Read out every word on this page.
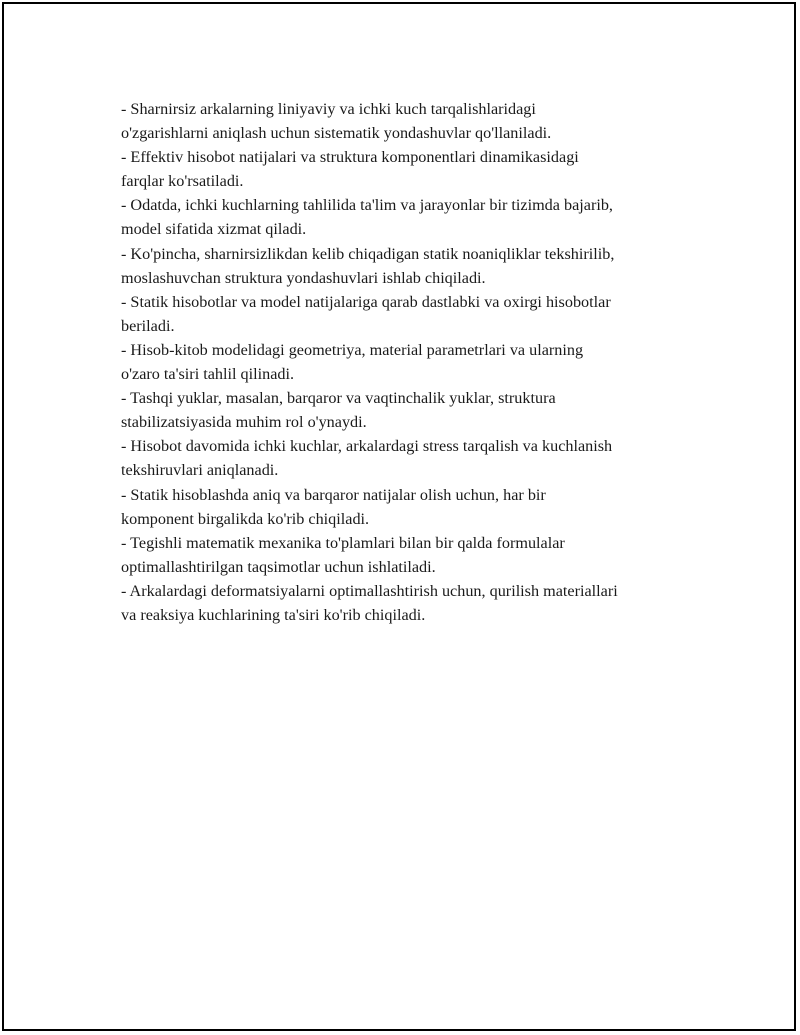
- Sharnirsiz arkalarning liniyaviy va ichki kuch tarqalishlaridagi
o'zgarishlarni aniqlash uchun sistematik yondashuvlar qo'llaniladi.
- Effektiv hisobot natijalari va struktura komponentlari dinamikasidagi
farqlar ko'rsatiladi.
- Odatda, ichki kuchlarning tahlilida ta'lim va jarayonlar bir tizimda bajarib,
model sifatida xizmat qiladi.
- Ko'pincha, sharnirsizlikdan kelib chiqadigan statik noaniqliklar tekshirilib,
moslashuvchan struktura yondashuvlari ishlab chiqiladi.
- Statik hisobotlar va model natijalariga qarab dastlabki va oxirgi hisobotlar
beriladi.
- Hisob-kitob modelidagi geometriya, material parametrlari va ularning
o'zaro ta'siri tahlil qilinadi.
- Tashqi yuklar, masalan, barqaror va vaqtinchalik yuklar, struktura
stabilizatsiyasida muhim rol o'ynaydi.
- Hisobot davomida ichki kuchlar, arkalardagi stress tarqalish va kuchlanish
tekshiruvlari aniqlanadi.
- Statik hisoblashda aniq va barqaror natijalar olish uchun, har bir
komponent birgalikda ko'rib chiqiladi.
- Tegishli matematik mexanika to'plamlari bilan bir qalda formulalar
optimallashtirilgan taqsimotlar uchun ishlatiladi.
- Arkalardagi deformatsiyalarni optimallashtirish uchun, qurilish materiallari
va reaksiya kuchlarining ta'siri ko'rib chiqiladi.
